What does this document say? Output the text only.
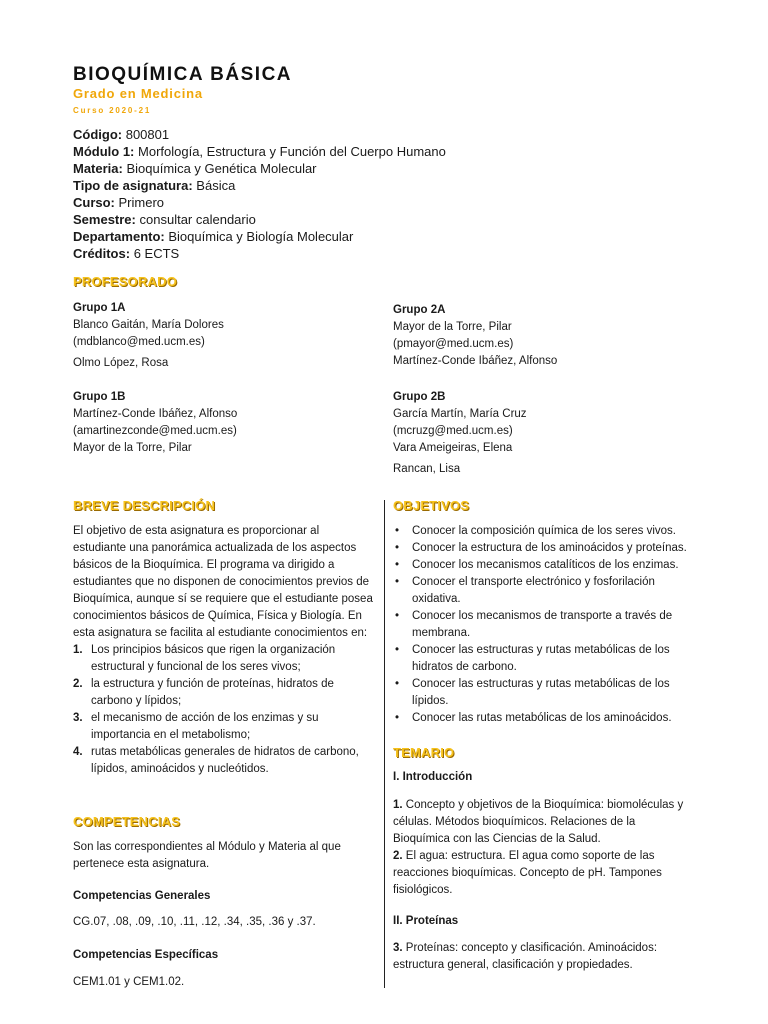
BIOQUÍMICA BÁSICA
Grado en Medicina
Curso 2020-21
Código: 800801
Módulo 1: Morfología, Estructura y Función del Cuerpo Humano
Materia: Bioquímica y Genética Molecular
Tipo de asignatura: Básica
Curso: Primero
Semestre: consultar calendario
Departamento: Bioquímica y Biología Molecular
Créditos: 6 ECTS
PROFESORADO
Grupo 1A
Blanco Gaitán, María Dolores
(mdblanco@med.ucm.es)
Olmo López, Rosa
Grupo 2A
Mayor de la Torre, Pilar
(pmayor@med.ucm.es)
Martínez-Conde Ibáñez, Alfonso
Grupo 1B
Martínez-Conde Ibáñez, Alfonso
(amartinezconde@med.ucm.es)
Mayor de la Torre, Pilar
Grupo 2B
García Martín, María Cruz
(mcruzg@med.ucm.es)
Vara Ameigeiras, Elena
Rancan, Lisa
BREVE DESCRIPCIÓN
El objetivo de esta asignatura es proporcionar al estudiante una panorámica actualizada de los aspectos básicos de la Bioquímica. El programa va dirigido a estudiantes que no disponen de conocimientos previos de Bioquímica, aunque sí se requiere que el estudiante posea conocimientos básicos de Química, Física y Biología. En esta asignatura se facilita al estudiante conocimientos en:
1. Los principios básicos que rigen la organización estructural y funcional de los seres vivos;
2. la estructura y función de proteínas, hidratos de carbono y lípidos;
3. el mecanismo de acción de los enzimas y su importancia en el metabolismo;
4. rutas metabólicas generales de hidratos de carbono, lípidos, aminoácidos y nucleótidos.
COMPETENCIAS
Son las correspondientes al Módulo y Materia al que pertenece esta asignatura.
Competencias Generales
CG.07, .08, .09, .10, .11, .12, .34, .35, .36 y .37.
Competencias Específicas
CEM1.01 y CEM1.02.
OBJETIVOS
• Conocer la composición química de los seres vivos.
• Conocer la estructura de los aminoácidos y proteínas.
• Conocer los mecanismos catalíticos de los enzimas.
• Conocer el transporte electrónico y fosforilación oxidativa.
• Conocer los mecanismos de transporte a través de membrana.
• Conocer las estructuras y rutas metabólicas de los hidratos de carbono.
• Conocer las estructuras y rutas metabólicas de los lípidos.
• Conocer las rutas metabólicas de los aminoácidos.
TEMARIO
I. Introducción
1. Concepto y objetivos de la Bioquímica: biomoléculas y células. Métodos bioquímicos. Relaciones de la Bioquímica con las Ciencias de la Salud.
2. El agua: estructura. El agua como soporte de las reacciones bioquímicas. Concepto de pH. Tampones fisiológicos.
II. Proteínas
3. Proteínas: concepto y clasificación. Aminoácidos: estructura general, clasificación y propiedades.
